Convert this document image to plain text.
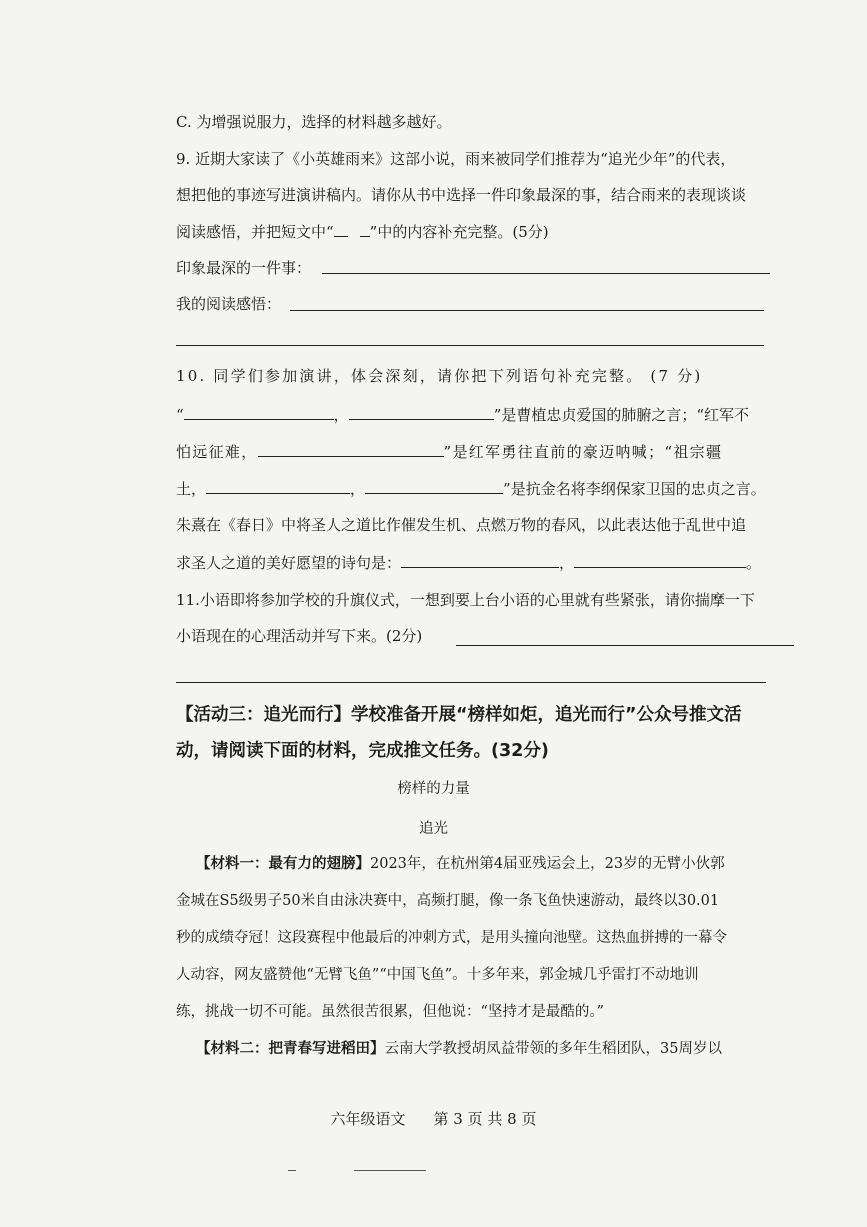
C. 为增强说服力，选择的材料越多越好。
9. 近期大家读了《小英雄雨来》这部小说，雨来被同学们推荐为“追光少年”的代表，
想把他的事迹写进演讲稿内。请你从书中选择一件印象最深的事，结合雨来的表现谈谈
阅读感悟，并把短文中“ ”中的内容补充完整。(5分)
印象最深的一件事：
我的阅读感悟：
10. 同学们参加演讲，体会深刻，请你把下列语句补充完整。 (7 分)
“	，	”是曹植忠贞爱国的肺腑之言；“红军不
怕远征难，	”是红军勇往直前的豪迈呐喊；“祖宗疆
土，	，	”是抗金名将李纲保家卫国的忠贞之言。
朱熹在《春日》中将圣人之道比作催发生机、点燃万物的春风，以此表达他于乱世中追
求圣人之道的美好愿望的诗句是：	，	。
11.小语即将参加学校的升旗仪式，一想到要上台小语的心里就有些紧张，请你揣摩一下
小语现在的心理活动并写下来。(2分)
【活动三：追光而行】学校准备开展“榜样如炬，追光而行”公众号推文活
动，请阅读下面的材料，完成推文任务。(32分)
榜样的力量
追光
【材料一：最有力的翅膀】2023年，在杭州第4届亚残运会上，23岁的无臂小伙郭
金城在S5级男子50米自由泳决赛中，高频打腿，像一条飞鱼快速游动，最终以30.01
秒的成绩夺冠！这段赛程中他最后的冲刺方式，是用头撞向池壁。这热血拼搏的一幕令
人动容，网友盛赞他“无臂飞鱼”“中国飞鱼”。十多年来，郭金城几乎雷打不动地训
练，挑战一切不可能。虽然很苦很累，但他说：“坚持才是最酷的。”
【材料二：把青春写进稻田】云南大学教授胡凤益带领的多年生稻团队，35周岁以
六年级语文 第 3 页 共 8 页
